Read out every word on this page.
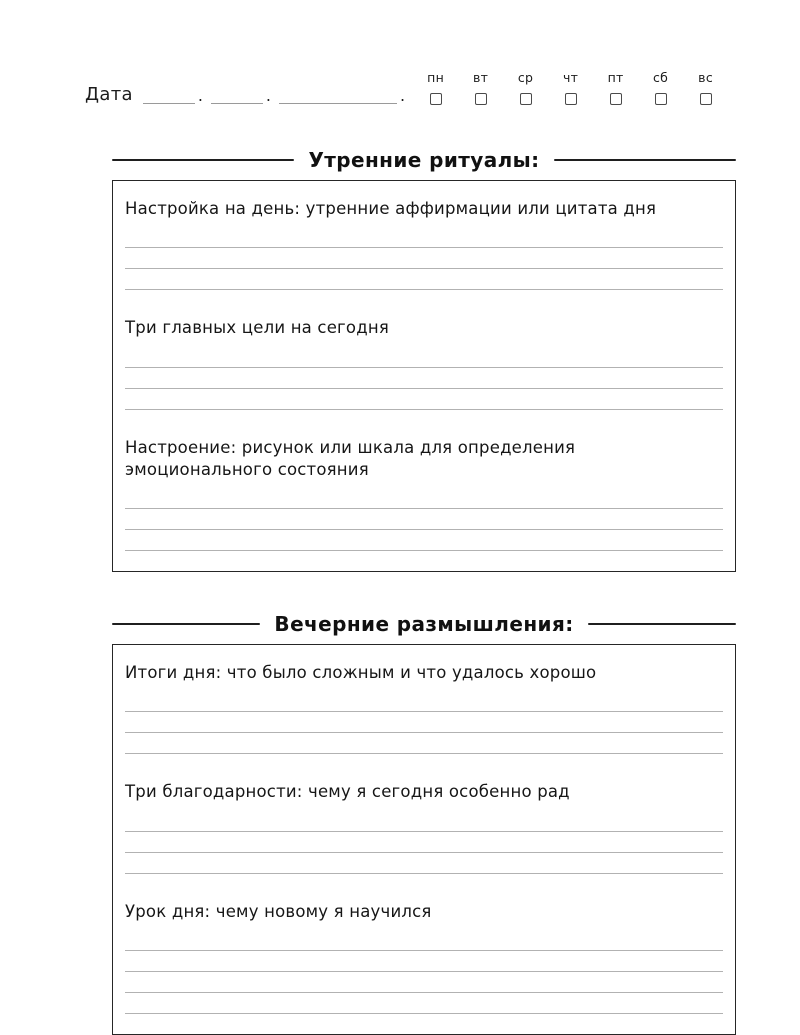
Дата	.	.	.
пн вт ср чт пт сб вс
Утренние ритуалы:

Настройка на день: утренние аффирмации или цитата дня

Три главных цели на сегодня

Настроение: рисунок или шкала для определения эмоционального состояния

Вечерние размышления:

Итоги дня: что было сложным и что удалось хорошо

Три благодарности: чему я сегодня особенно рад

Урок дня: чему новому я научился
